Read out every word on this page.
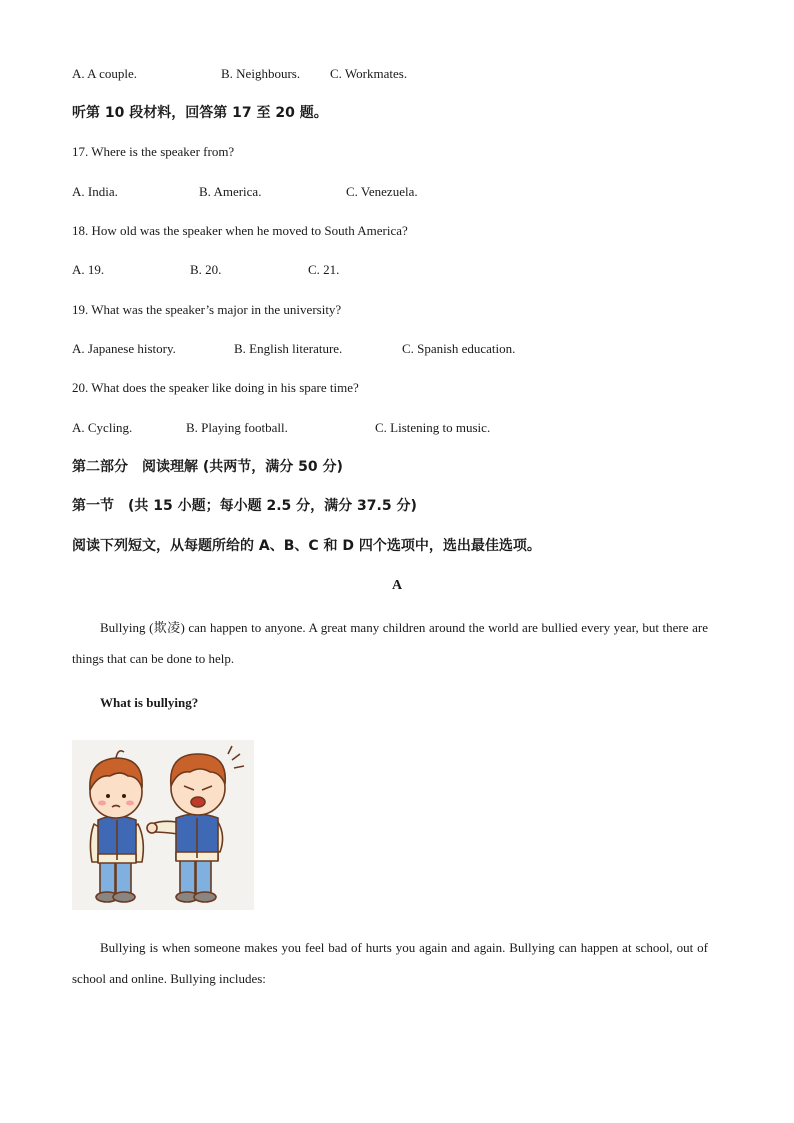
A. A couple.	B. Neighbours. C. Workmates.
听第 10 段材料，回答第 17 至 20 题。
17. Where is the speaker from?
A. India.	B. America.	C. Venezuela.
18. How old was the speaker when he moved to South America?
A. 19.	B. 20.	C. 21.
19. What was the speaker’s major in the university?
A. Japanese history.	B. English literature.	C. Spanish education.
20. What does the speaker like doing in his spare time?
A. Cycling.	B. Playing football.	C. Listening to music.
第二部分　阅读理解 (共两节，满分 50 分)
第一节　(共 15 小题；每小题 2.5 分，满分 37.5 分)
阅读下列短文，从每题所给的 A、B、C 和 D 四个选项中，选出最佳选项。
A
Bullying (欺凌) can happen to anyone. A great many children around the world are bullied every year, but there are things that can be done to help.
What is bullying?
Bullying is when someone makes you feel bad of hurts you again and again. Bullying can happen at school, out of school and online. Bullying includes:
